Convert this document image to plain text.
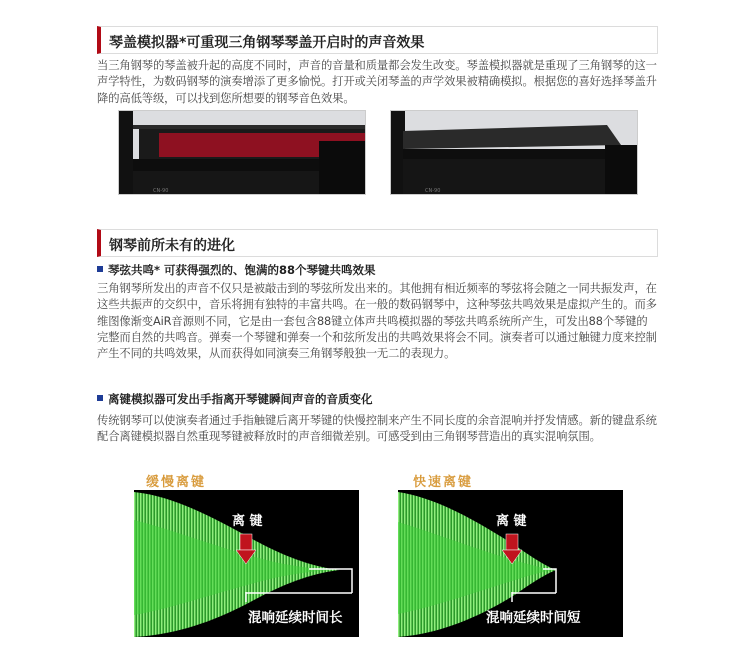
琴盖模拟器*可重现三角钢琴琴盖开启时的声音效果

当三角钢琴的琴盖被升起的高度不同时，声音的音量和质量都会发生改变。琴盖模拟器就是重现了三角钢琴的这一声学特性，为数码钢琴的演奏增添了更多愉悦。打开或关闭琴盖的声学效果被精确模拟。根据您的喜好选择琴盖升降的高低等级，可以找到您所想要的钢琴音色效果。

CN-90	CN-90
钢琴前所未有的进化
琴弦共鸣* 可获得强烈的、饱满的88个琴键共鸣效果

三角钢琴所发出的声音不仅只是被敲击到的琴弦所发出来的。其他拥有相近频率的琴弦将会随之一同共振发声，在这些共振声的交织中，音乐将拥有独特的丰富共鸣。在一般的数码钢琴中，这种琴弦共鸣效果是虚拟产生的。而多维图像渐变AiR音源则不同，它是由一套包含88键立体声共鸣模拟器的琴弦共鸣系统所产生，可发出88个琴键的完整而自然的共鸣音。弹奏一个琴键和弹奏一个和弦所发出的共鸣效果将会不同。演奏者可以通过触键力度来控制产生不同的共鸣效果，从而获得如同演奏三角钢琴般独一无二的表现力。

离键模拟器可发出手指离开琴键瞬间声音的音质变化

传统钢琴可以使演奏者通过手指触键后离开琴键的快慢控制来产生不同长度的余音混响并抒发情感。新的键盘系统配合离键模拟器自然重现琴键被释放时的声音细微差别。可感受到由三角钢琴营造出的真实混响氛围。

缓慢离键	快速离键
离 键
混响延续时间长
离 键
混响延续时间短
